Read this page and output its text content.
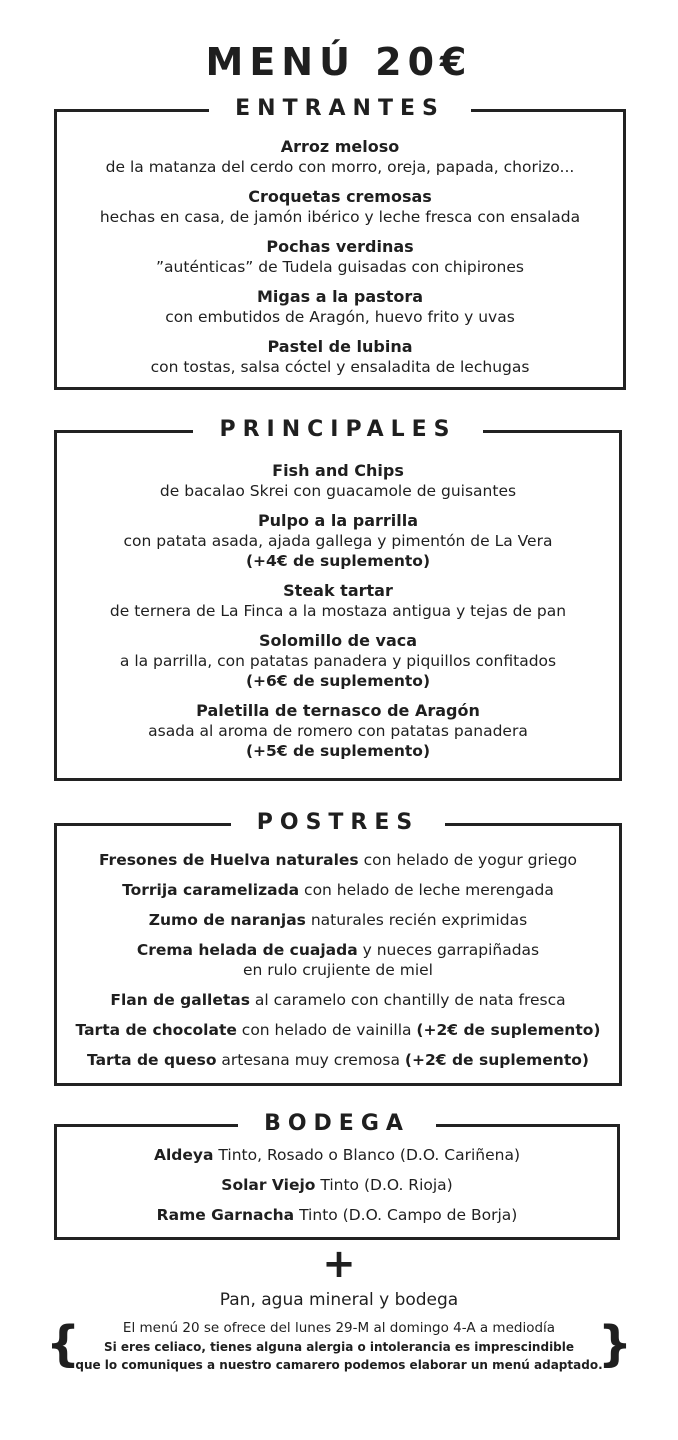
MENÚ 20€
ENTRANTES
Arroz meloso
de la matanza del cerdo con morro, oreja, papada, chorizo...
Croquetas cremosas
hechas en casa, de jamón ibérico y leche fresca con ensalada
Pochas verdinas
”auténticas” de Tudela guisadas con chipirones
Migas a la pastora
con embutidos de Aragón, huevo frito y uvas
Pastel de lubina
con tostas, salsa cóctel y ensaladita de lechugas
PRINCIPALES
Fish and Chips
de bacalao Skrei con guacamole de guisantes
Pulpo a la parrilla
con patata asada, ajada gallega y pimentón de La Vera
(+4€ de suplemento)
Steak tartar
de ternera de La Finca a la mostaza antigua y tejas de pan
Solomillo de vaca
a la parrilla, con patatas panadera y piquillos confitados
(+6€ de suplemento)
Paletilla de ternasco de Aragón
asada al aroma de romero con patatas panadera
(+5€ de suplemento)
POSTRES
Fresones de Huelva naturales con helado de yogur griego
Torrija caramelizada con helado de leche merengada
Zumo de naranjas naturales recién exprimidas
Crema helada de cuajada y nueces garrapiñadas
en rulo crujiente de miel
Flan de galletas al caramelo con chantilly de nata fresca
Tarta de chocolate con helado de vainilla (+2€ de suplemento)
Tarta de queso artesana muy cremosa (+2€ de suplemento)
BODEGA
Aldeya Tinto, Rosado o Blanco (D.O. Cariñena)
Solar Viejo Tinto (D.O. Rioja)
Rame Garnacha Tinto (D.O. Campo de Borja)
+
Pan, agua mineral y bodega
{	}
El menú 20 se ofrece del lunes 29-M al domingo 4-A a mediodía
Si eres celiaco, tienes alguna alergia o intolerancia es imprescindible
que lo comuniques a nuestro camarero podemos elaborar un menú adaptado.
